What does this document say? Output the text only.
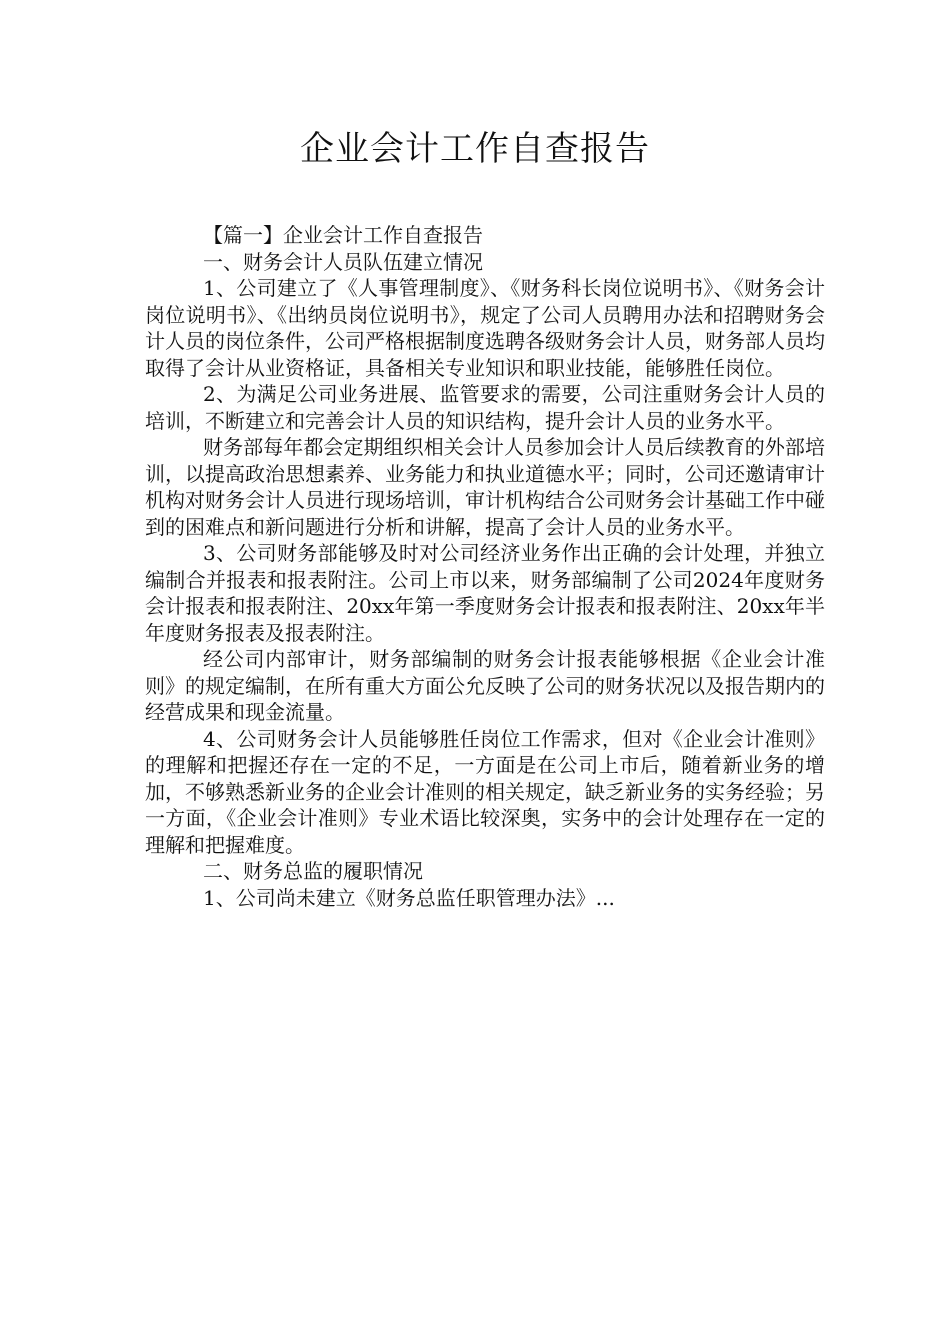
企业会计工作自查报告

【篇一】企业会计工作自查报告

一、财务会计人员队伍建立情况

1、公司建立了《人事管理制度》、《财务科长岗位说明书》、《财务会计岗位说明书》、《出纳员岗位说明书》，规定了公司人员聘用办法和招聘财务会计人员的岗位条件，公司严格根据制度选聘各级财务会计人员，财务部人员均取得了会计从业资格证，具备相关专业知识和职业技能，能够胜任岗位。

2、为满足公司业务进展、监管要求的需要，公司注重财务会计人员的培训，不断建立和完善会计人员的知识结构，提升会计人员的业务水平。

财务部每年都会定期组织相关会计人员参加会计人员后续教育的外部培训，以提高政治思想素养、业务能力和执业道德水平；同时，公司还邀请审计机构对财务会计人员进行现场培训，审计机构结合公司财务会计基础工作中碰到的困难点和新问题进行分析和讲解，提高了会计人员的业务水平。

3、公司财务部能够及时对公司经济业务作出正确的会计处理，并独立编制合并报表和报表附注。公司上市以来，财务部编制了公司2024年度财务会计报表和报表附注、20xx年第一季度财务会计报表和报表附注、20xx年半年度财务报表及报表附注。

经公司内部审计，财务部编制的财务会计报表能够根据《企业会计准则》的规定编制，在所有重大方面公允反映了公司的财务状况以及报告期内的经营成果和现金流量。

4、公司财务会计人员能够胜任岗位工作需求，但对《企业会计准则》的理解和把握还存在一定的不足，一方面是在公司上市后，随着新业务的增加，不够熟悉新业务的企业会计准则的相关规定，缺乏新业务的实务经验；另一方面，《企业会计准则》专业术语比较深奥，实务中的会计处理存在一定的理解和把握难度。

二、财务总监的履职情况

1、公司尚未建立《财务总监任职管理办法》...
